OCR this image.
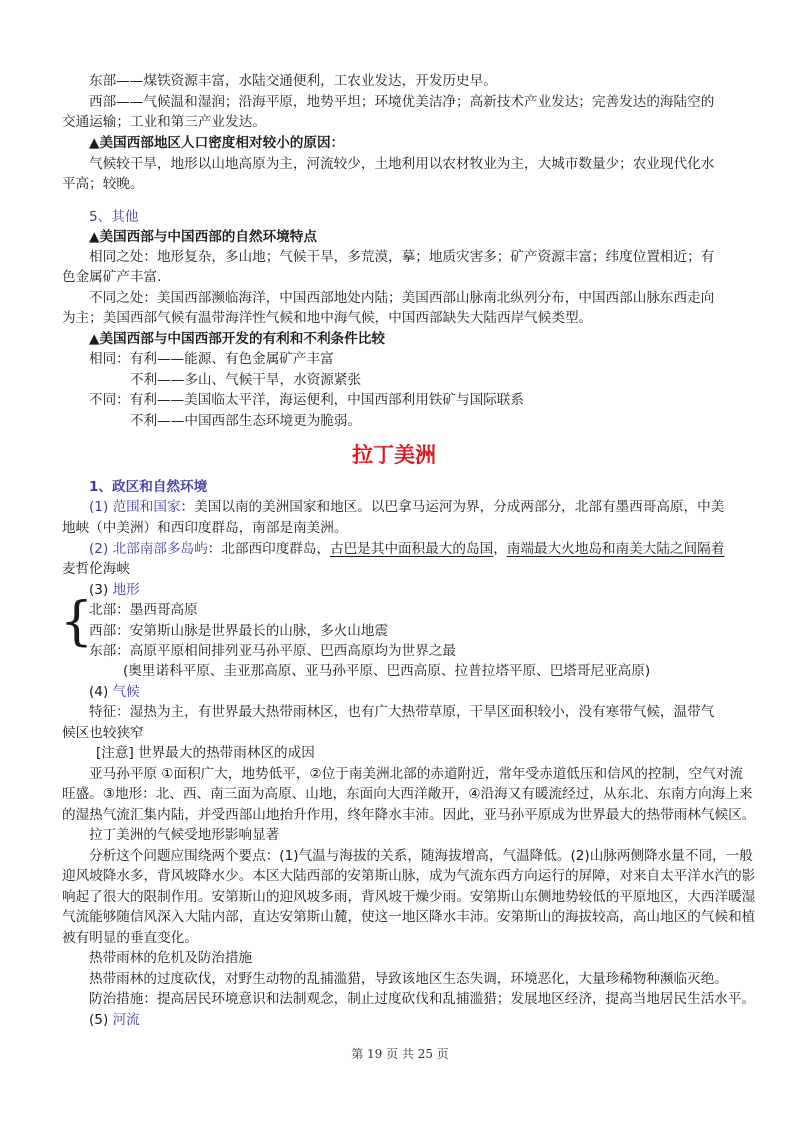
东部——煤铁资源丰富，水陆交通便利，工农业发达，开发历史早。
西部——气候温和湿润；沿海平原，地势平坦；环境优美洁净；高新技术产业发达；完善发达的海陆空的
交通运输；工业和第三产业发达。
▲美国西部地区人口密度相对较小的原因：
气候较干旱，地形以山地高原为主，河流较少，土地利用以农材牧业为主，大城市数量少；农业现代化水
平高；较晚。
5、其他
▲美国西部与中国西部的自然环境特点
相同之处：地形复杂，多山地；气候干旱，多荒漠，摹；地质灾害多；矿产资源丰富；纬度位置相近；有
色金属矿产丰富.
不同之处：美国西部濒临海洋，中国西部地处内陆；美国西部山脉南北纵列分布，中国西部山脉东西走向
为主；美国西部气候有温带海洋性气候和地中海气候，中国西部缺失大陆西岸气候类型。
▲美国西部与中国西部开发的有利和不利条件比较
相同：有利——能源、有色金属矿产丰富
不利——多山、气候干旱，水资源紧张
不同：有利——美国临太平洋，海运便利，中国西部利用铁矿与国际联系
不利——中国西部生态环境更为脆弱。
拉丁美洲
1、政区和自然环境
(1) 范围和国家：美国以南的美洲国家和地区。以巴拿马运河为界，分成两部分，北部有墨西哥高原，中美
地峡（中美洲）和西印度群岛，南部是南美洲。
(2) 北部南部多岛屿：北部西印度群岛，古巴是其中面积最大的岛国，南端最大火地岛和南美大陆之间隔着
麦哲伦海峡
(3) 地形
{
北部：墨西哥高原
西部：安第斯山脉是世界最长的山脉，多火山地震
东部：高原平原相间排列亚马孙平原、巴西高原均为世界之最
(奥里诺科平原、圭亚那高原、亚马孙平原、巴西高原、拉普拉塔平原、巴塔哥尼亚高原)
(4) 气候
特征：湿热为主，有世界最大热带雨林区，也有广大热带草原，干旱区面积较小，没有寒带气候，温带气
候区也较狭窄
[注意] 世界最大的热带雨林区的成因
亚马孙平原 ①面积广大，地势低平，②位于南美洲北部的赤道附近，常年受赤道低压和信风的控制，空气对流
旺盛。③地形：北、西、南三面为高原、山地，东面向大西洋敞开，④沿海又有暖流经过，从东北、东南方向海上来
的湿热气流汇集内陆，并受西部山地抬升作用，终年降水丰沛。因此，亚马孙平原成为世界最大的热带雨林气候区。
拉丁美洲的气候受地形影响显著
分析这个问题应围绕两个要点：(1)气温与海拔的关系，随海拔增高，气温降低。(2)山脉两侧降水量不同，一般
迎风坡降水多，背风坡降水少。本区大陆西部的安第斯山脉，成为气流东西方向运行的屏障，对来自太平洋水汽的影
响起了很大的限制作用。安第斯山的迎风坡多雨，背风坡干燥少雨。安第斯山东侧地势较低的平原地区，大西洋暖湿
气流能够随信风深入大陆内部，直达安第斯山麓，使这一地区降水丰沛。安第斯山的海拔较高，高山地区的气候和植
被有明显的垂直变化。
热带雨林的危机及防治措施
热带雨林的过度砍伐，对野生动物的乱捕滥猎，导致该地区生态失调，环境恶化，大量珍稀物种濒临灭绝。
防治措施：提高居民环境意识和法制观念，制止过度砍伐和乱捕滥猎；发展地区经济，提高当地居民生活水平。
(5) 河流
第 19 页 共 25 页
